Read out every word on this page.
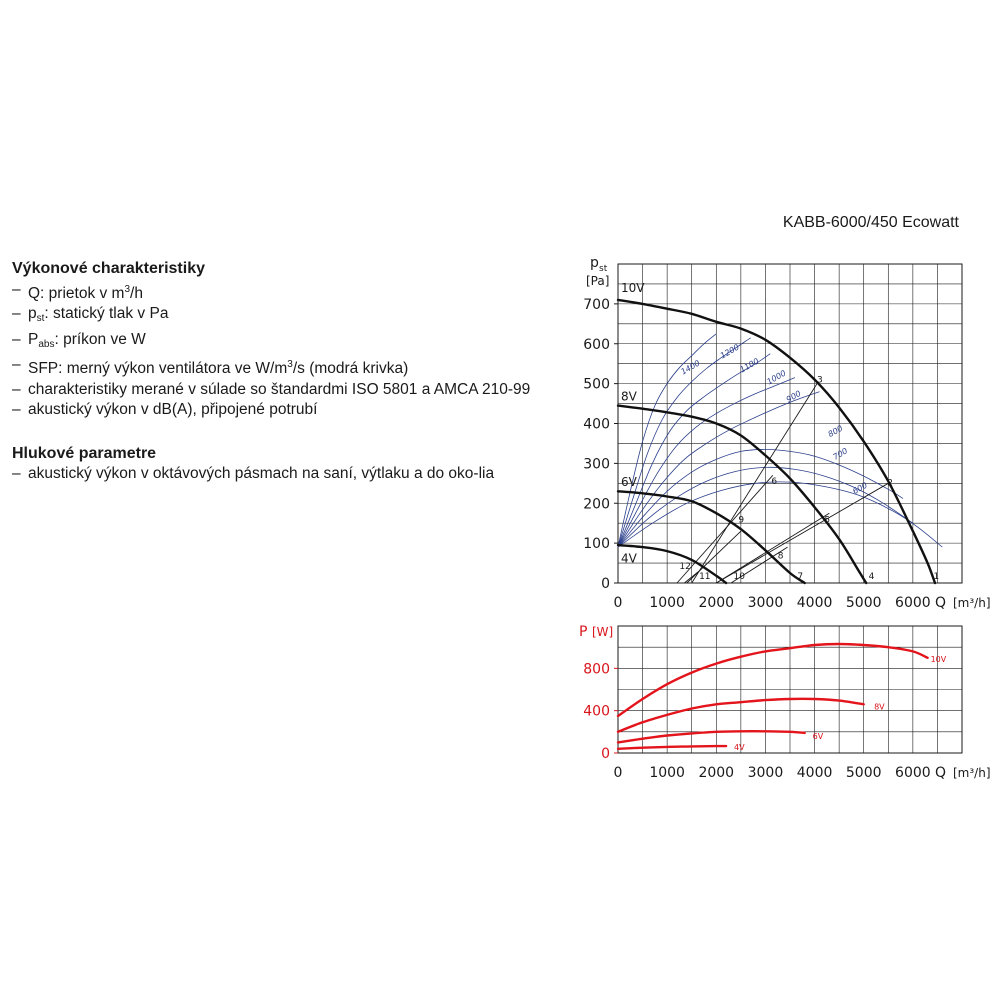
KABB-6000/450 Ecowatt
Výkonové charakteristiky
– Q: prietok v $m^3/h$
– $p_{st}$: statický tlak v Pa
– $P_{abs}$: príkon ve W
– SFP: merný výkon ventilátora ve $W/m^3/s$ (modrá krivka)
– charakteristiky merané v súlade so štandardmi ISO 5801 a AMCA 210-99
– akustický výkon v dB(A), připojené potrubí
Hlukové parametre
– akustický výkon v oktávových pásmach na saní, výtlaku a do oko-lia
0
100
200
300
400
500
600
700
0 1000 2000 3000 4000 5000 6000
p st
[Pa]
Q [m³/h]
1400
1200
1100
1000
900
800
700
600
1
2
3
4
5
6
7
8
9
10
11
12
10V
8V
6V
4V
0
400
800
0 1000 2000 3000 4000 5000 6000
P [W]
Q [m³/h]
10V
8V
6V
4V
